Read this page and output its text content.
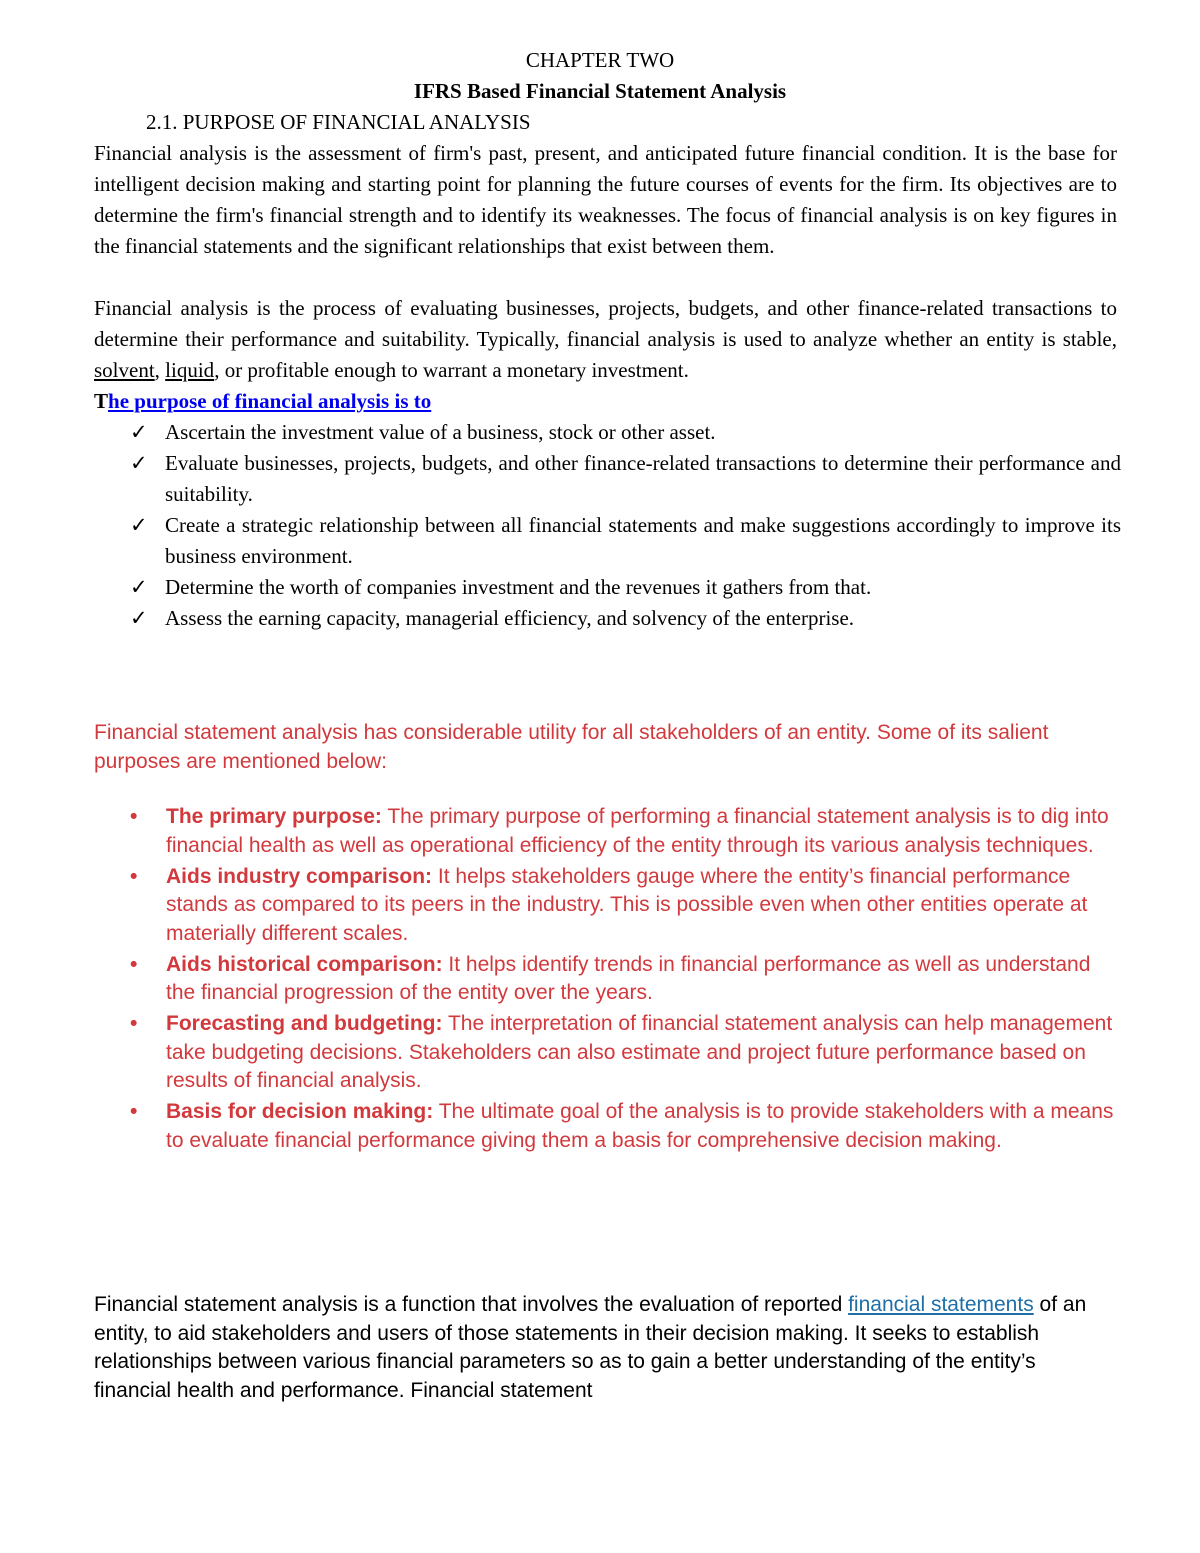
CHAPTER TWO
IFRS Based Financial Statement Analysis
2.1. PURPOSE OF FINANCIAL ANALYSIS
Financial analysis is the assessment of firm's past, present, and anticipated future financial condition. It is the base for intelligent decision making and starting point for planning the future courses of events for the firm. Its objectives are to determine the firm's financial strength and to identify its weaknesses. The focus of financial analysis is on key figures in the financial statements and the significant relationships that exist between them.
Financial analysis is the process of evaluating businesses, projects, budgets, and other finance-related transactions to determine their performance and suitability. Typically, financial analysis is used to analyze whether an entity is stable, solvent, liquid, or profitable enough to warrant a monetary investment.
The purpose of financial analysis is to
✓ Ascertain the investment value of a business, stock or other asset.
✓ Evaluate businesses, projects, budgets, and other finance-related transactions to determine their performance and suitability.
✓ Create a strategic relationship between all financial statements and make suggestions accordingly to improve its business environment.
✓ Determine the worth of companies investment and the revenues it gathers from that.
✓ Assess the earning capacity, managerial efficiency, and solvency of the enterprise.
Financial statement analysis has considerable utility for all stakeholders of an entity. Some of its salient purposes are mentioned below:
•	The primary purpose: The primary purpose of performing a financial statement analysis is to dig into financial health as well as operational efficiency of the entity through its various analysis techniques.
•	Aids industry comparison: It helps stakeholders gauge where the entity’s financial performance stands as compared to its peers in the industry. This is possible even when other entities operate at materially different scales.
•	Aids historical comparison: It helps identify trends in financial performance as well as understand the financial progression of the entity over the years.
•	Forecasting and budgeting: The interpretation of financial statement analysis can help management take budgeting decisions. Stakeholders can also estimate and project future performance based on results of financial analysis.
•	Basis for decision making: The ultimate goal of the analysis is to provide stakeholders with a means to evaluate financial performance giving them a basis for comprehensive decision making.
Financial statement analysis is a function that involves the evaluation of reported financial statements of an entity, to aid stakeholders and users of those statements in their decision making. It seeks to establish relationships between various financial parameters so as to gain a better understanding of the entity’s financial health and performance. Financial statement
